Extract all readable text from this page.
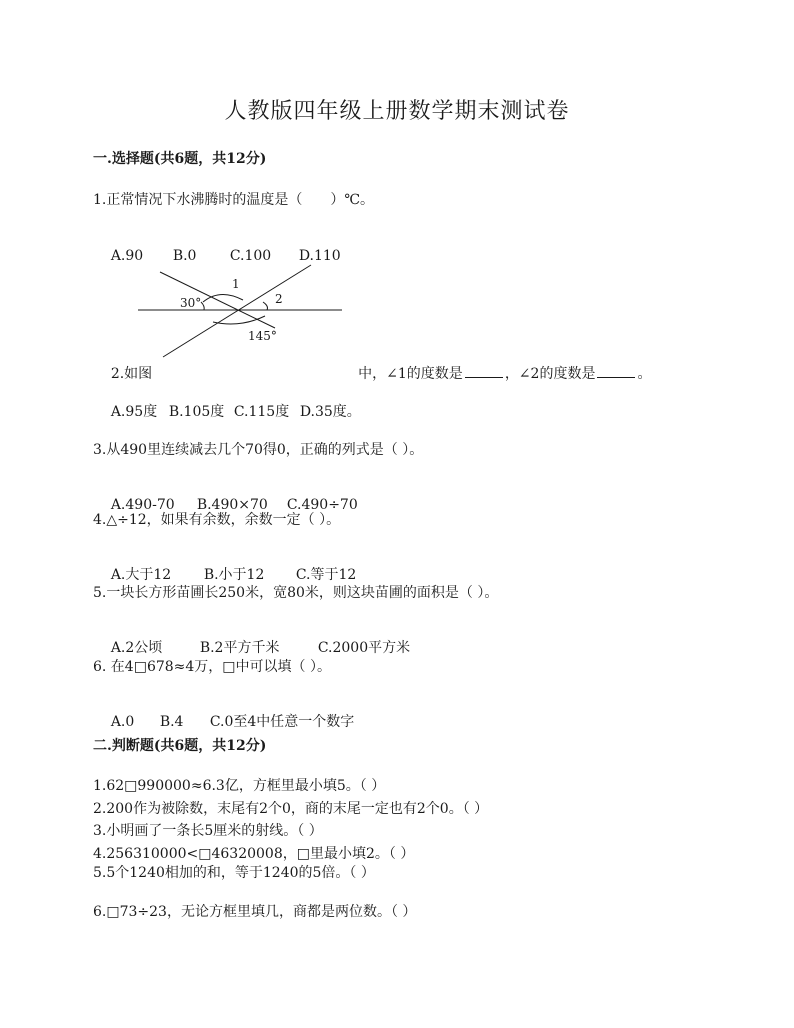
人教版四年级上册数学期末测试卷
一.选择题(共6题，共12分)
1.正常情况下水沸腾时的温度是（　　）℃。

A.90 B.0 C.100 D.110

1
2
30°
145°

2.如图	中，∠1的度数是	，∠2的度数是	。

A.95度 B.105度 C.115度 D.35度。

3.从490里连续减去几个70得0，正确的列式是（ ）。

A.490-70 B.490×70 C.490÷70

4.△÷12，如果有余数，余数一定（ ）。

A.大于12 B.小于12 C.等于12

5.一块长方形苗圃长250米，宽80米，则这块苗圃的面积是（ ）。

A.2公顷	B.2平方千米	C.2000平方米

6. 在4□678≈4万，□中可以填（ ）。

A.0 B.4 C.0至4中任意一个数字

二.判断题(共6题，共12分)
1.62□990000≈6.3亿，方框里最小填5。（ ）
2.200作为被除数，末尾有2个0，商的末尾一定也有2个0。（ ）
3.小明画了一条长5厘米的射线。（ ）
4.256310000<□46320008，□里最小填2。（ ）
5.5个1240相加的和，等于1240的5倍。（ ）
6.□73÷23，无论方框里填几，商都是两位数。（ ）
